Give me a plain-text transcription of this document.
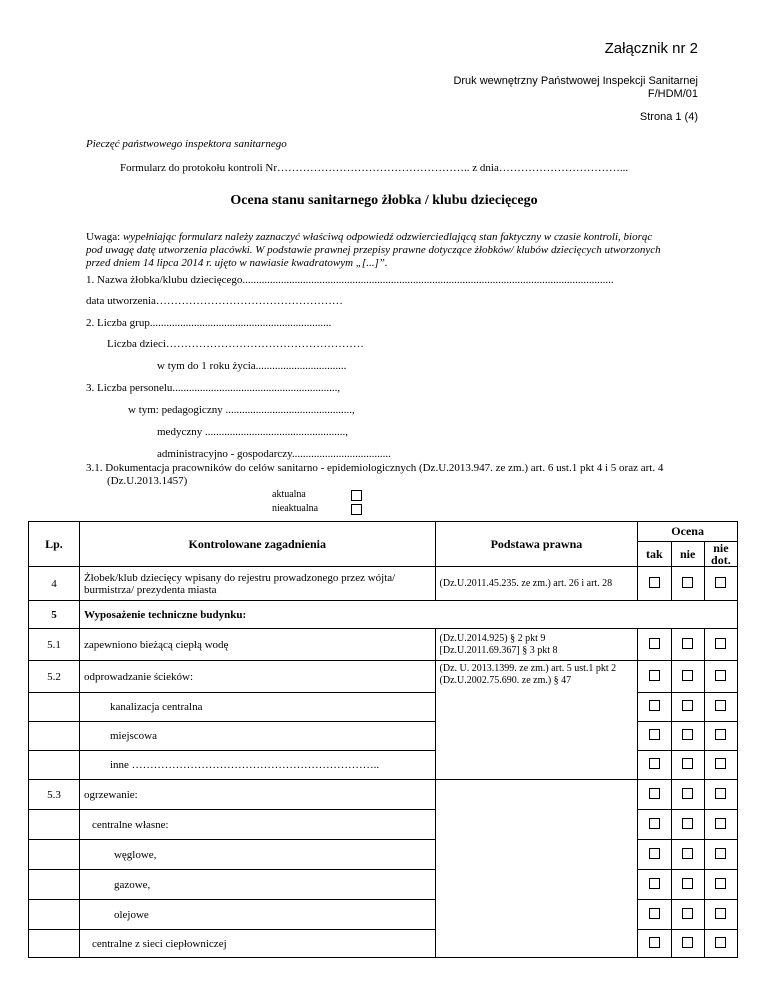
Załącznik nr 2
Druk wewnętrzny Państwowej Inspekcji Sanitarnej
F/HDM/01
Strona 1 (4)
Pieczęć państwowego inspektora sanitarnego
Formularz do protokołu kontroli Nr…………………………………………….. z dnia……………………………...
Ocena stanu sanitarnego żłobka / klubu dziecięcego
Uwaga: wypełniając formularz należy zaznaczyć właściwą odpowiedź odzwierciedlającą stan faktyczny w czasie kontroli, biorąc
pod uwagę datę utworzenia placówki. W podstawie prawnej przepisy prawne dotyczące żłobków/ klubów dziecięcych utworzonych
przed dniem 14 lipca 2014 r. ujęto w nawiasie kwadratowym „[...]”.
1. Nazwa żłobka/klubu dziecięcego.......................................................................................................................................
data utworzenia……………………………………………
2. Liczba grup..................................................................
Liczba dzieci………………………………………………
w tym do 1 roku życia.................................
3. Liczba personelu............................................................,
w tym: pedagogiczny ..............................................,
medyczny ...................................................,
administracyjno - gospodarczy....................................
3.1. Dokumentacja pracowników do celów sanitarno - epidemiologicznych (Dz.U.2013.947. ze zm.) art. 6 ust.1 pkt 4 i 5 oraz art. 4
(Dz.U.2013.1457)
aktualna
nieaktualna
Lp.	Kontrolowane zagadnienia	Podstawa prawna	Ocena		
			tak	nie	nie dot.
4	Żłobek/klub dziecięcy wpisany do rejestru prowadzonego przez wójta/ burmistrza/ prezydenta miasta	(Dz.U.2011.45.235. ze zm.) art. 26 i art. 28			
5	Wyposażenie techniczne budynku:				
5.1	zapewniono bieżącą ciepłą wodę	(Dz.U.2014.925) § 2 pkt 9
[Dz.U.2011.69.367] § 3 pkt 8			

5.2	odprowadzanie ścieków:	(Dz. U. 2013.1399. ze zm.) art. 5 ust.1 pkt 2
(Dz.U.2002.75.690. ze zm.) § 47			

	kanalizacja centralna				
	miejscowa				
	inne …………………………………………………………..				
5.3	ogrzewanie:				
	centralne własne:				
	węglowe,				
	gazowe,				
	olejowe				
	centralne z sieci ciepłowniczej				
